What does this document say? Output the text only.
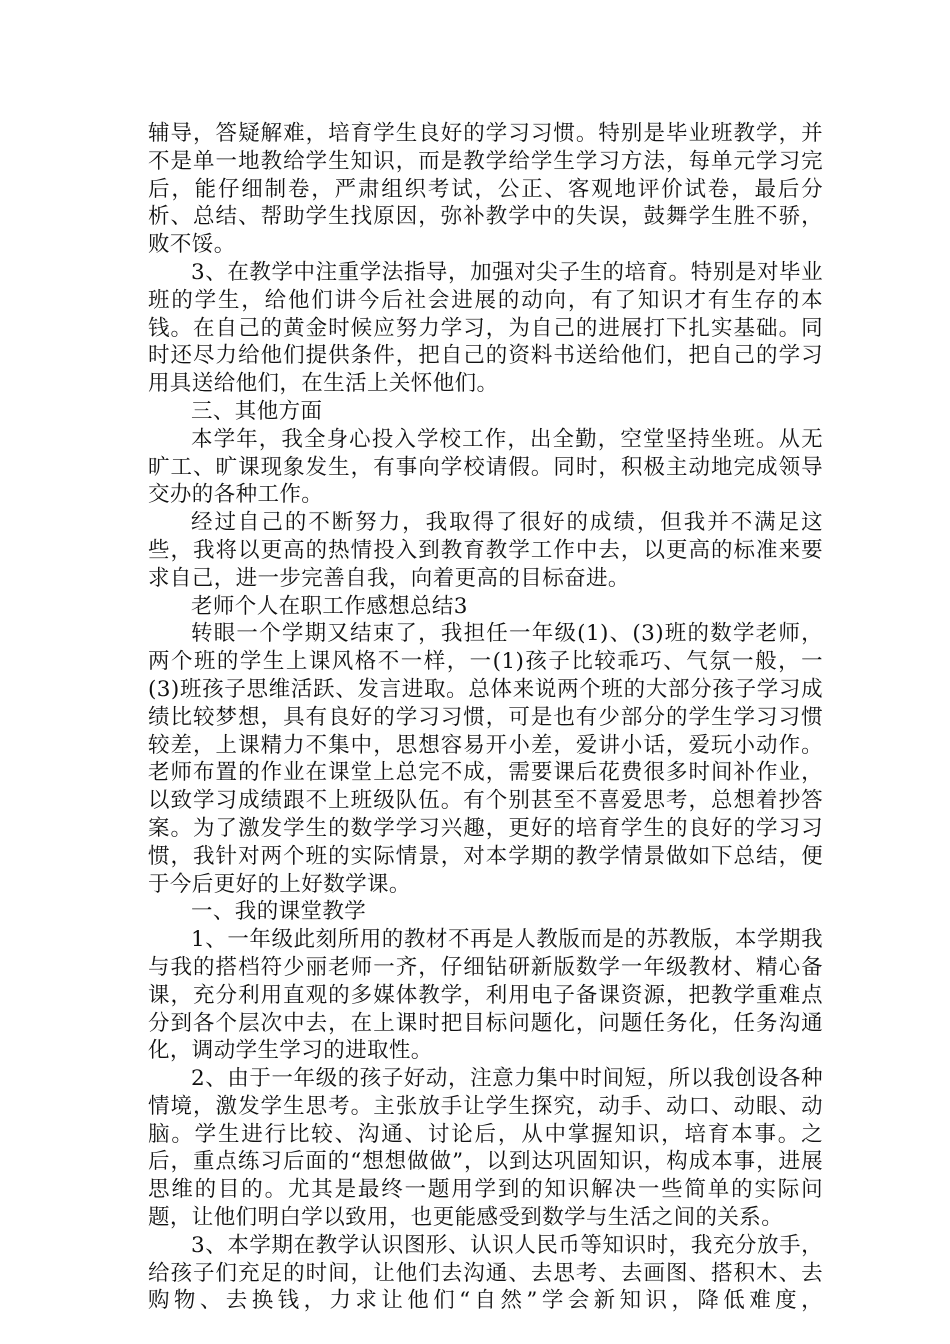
辅导，答疑解难，培育学生良好的学习习惯。特别是毕业班教学，并不是单一地教给学生知识，而是教学给学生学习方法，每单元学习完后，能仔细制卷，严肃组织考试，公正、客观地评价试卷，最后分析、总结、帮助学生找原因，弥补教学中的失误，鼓舞学生胜不骄，败不馁。

3、在教学中注重学法指导，加强对尖子生的培育。特别是对毕业班的学生，给他们讲今后社会进展的动向，有了知识才有生存的本钱。在自己的黄金时候应努力学习，为自己的进展打下扎实基础。同时还尽力给他们提供条件，把自己的资料书送给他们，把自己的学习用具送给他们，在生活上关怀他们。

三、其他方面

本学年，我全身心投入学校工作，出全勤，空堂坚持坐班。从无旷工、旷课现象发生，有事向学校请假。同时，积极主动地完成领导交办的各种工作。

经过自己的不断努力，我取得了很好的成绩，但我并不满足这些，我将以更高的热情投入到教育教学工作中去，以更高的标准来要求自己，进一步完善自我，向着更高的目标奋进。

老师个人在职工作感想总结3

转眼一个学期又结束了，我担任一年级(1)、(3)班的数学老师，两个班的学生上课风格不一样，一(1)孩子比较乖巧、气氛一般，一(3)班孩子思维活跃、发言进取。总体来说两个班的大部分孩子学习成绩比较梦想，具有良好的学习习惯，可是也有少部分的学生学习习惯较差，上课精力不集中，思想容易开小差，爱讲小话，爱玩小动作。老师布置的作业在课堂上总完不成，需要课后花费很多时间补作业，以致学习成绩跟不上班级队伍。有个别甚至不喜爱思考，总想着抄答案。为了激发学生的数学学习兴趣，更好的培育学生的良好的学习习惯，我针对两个班的实际情景，对本学期的教学情景做如下总结，便于今后更好的上好数学课。

一、我的课堂教学

1、一年级此刻所用的教材不再是人教版而是的苏教版，本学期我与我的搭档符少丽老师一齐，仔细钻研新版数学一年级教材、精心备课，充分利用直观的多媒体教学，利用电子备课资源，把教学重难点分到各个层次中去，在上课时把目标问题化，问题任务化，任务沟通化，调动学生学习的进取性。

2、由于一年级的孩子好动，注意力集中时间短，所以我创设各种情境，激发学生思考。主张放手让学生探究，动手、动口、动眼、动脑。学生进行比较、沟通、讨论后，从中掌握知识，培育本事。之后，重点练习后面的“想想做做”，以到达巩固知识，构成本事，进展思维的目的。尤其是最终一题用学到的知识解决一些简单的实际问题，让他们明白学以致用，也更能感受到数学与生活之间的关系。

3、本学期在教学认识图形、认识人民币等知识时，我充分放手，给孩子们充足的时间，让他们去沟通、去思考、去画图、搭积木、去购物、去换钱，力求让他们“自然”学会新知识，降低难度，
